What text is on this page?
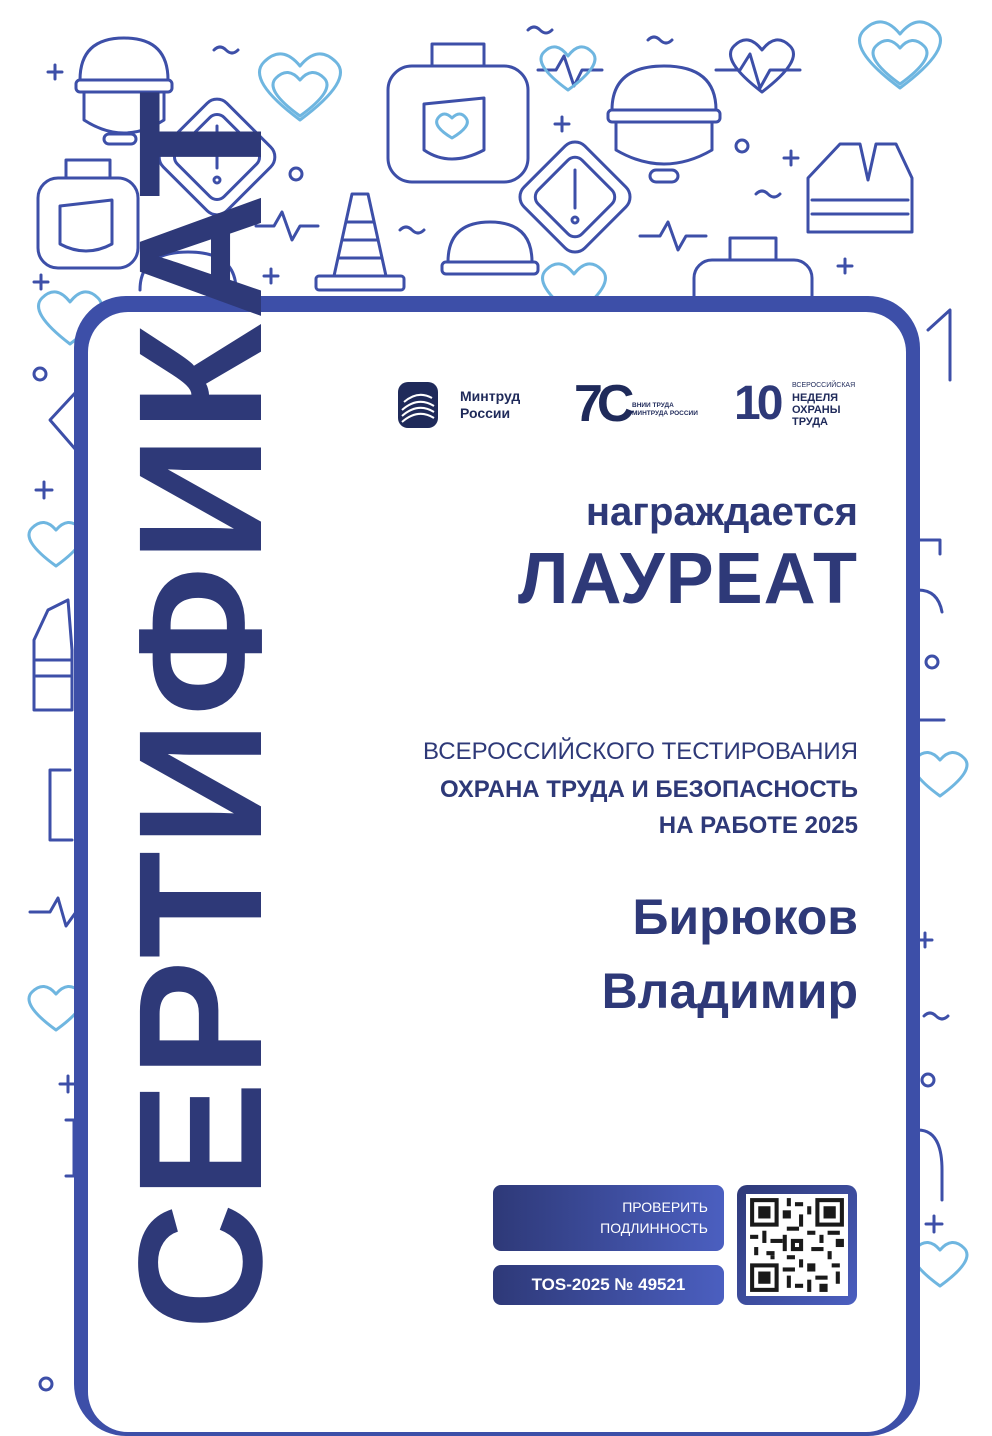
СЕРТИФИКАТ	Минтруд
России 7С ВНИИ ТРУДА
МИНТРУДА РОССИИ 10 ВСЕРОССИЙСКАЯ
НЕДЕЛЯ
ОХРАНЫ
ТРУДА
награждается
ЛАУРЕАТ
ВСЕРОССИЙСКОГО ТЕСТИРОВАНИЯ
ОХРАНА ТРУДА И БЕЗОПАСНОСТЬ
НА РАБОТЕ 2025
Бирюков
Владимир
ПРОВЕРИТЬ
ПОДЛИННОСТЬ
TOS-2025 № 49521
